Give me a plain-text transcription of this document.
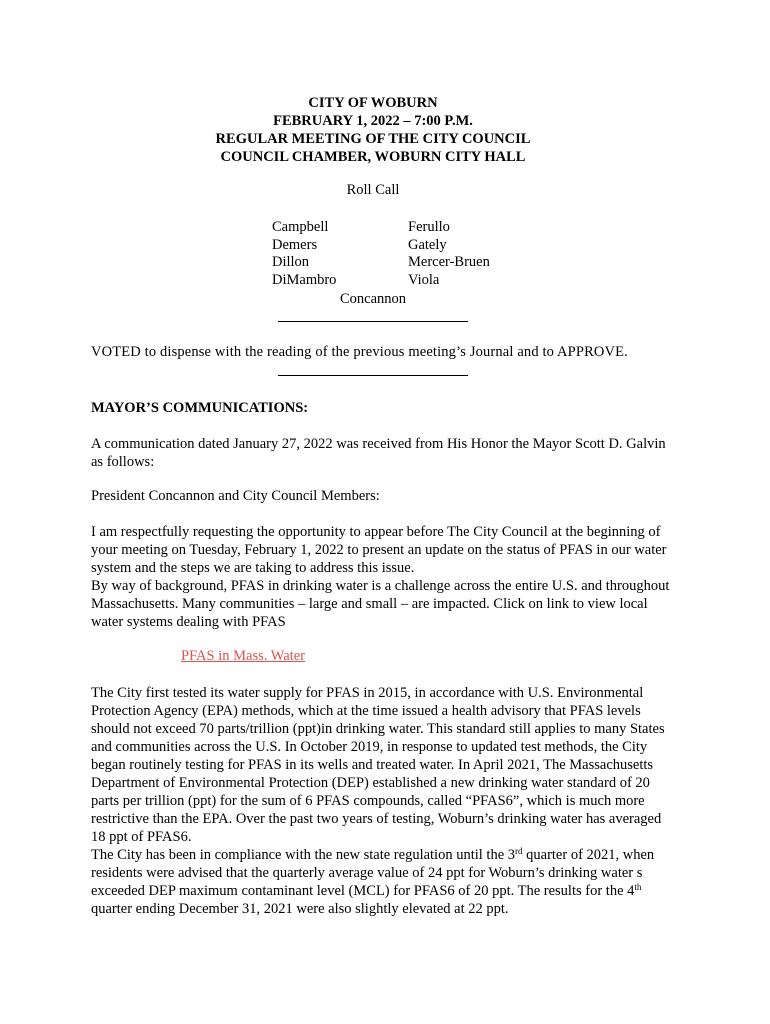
CITY OF WOBURN
FEBRUARY 1, 2022 – 7:00 P.M.
REGULAR MEETING OF THE CITY COUNCIL
COUNCIL CHAMBER, WOBURN CITY HALL
Roll Call
Campbell	Ferullo
Demers	Gately
Dillon	Mercer-Bruen
DiMambro	Viola
Concannon
VOTED to dispense with the reading of the previous meeting’s Journal and to APPROVE.
MAYOR’S COMMUNICATIONS:
A communication dated January 27, 2022 was received from His Honor the Mayor Scott D. Galvin as follows:
President Concannon and City Council Members:
I am respectfully requesting the opportunity to appear before The City Council at the beginning of your meeting on Tuesday, February 1, 2022 to present an update on the status of PFAS in our water system and the steps we are taking to address this issue.
By way of background, PFAS in drinking water is a challenge across the entire U.S. and throughout Massachusetts. Many communities – large and small – are impacted. Click on link to view local water systems dealing with PFAS
PFAS in Mass. Water
The City first tested its water supply for PFAS in 2015, in accordance with U.S. Environmental Protection Agency (EPA) methods, which at the time issued a health advisory that PFAS levels should not exceed 70 parts/trillion (ppt)in drinking water. This standard still applies to many States and communities across the U.S. In October 2019, in response to updated test methods, the City began routinely testing for PFAS in its wells and treated water. In April 2021, The Massachusetts Department of Environmental Protection (DEP) established a new drinking water standard of 20 parts per trillion (ppt) for the sum of 6 PFAS compounds, called “PFAS6”, which is much more restrictive than the EPA. Over the past two years of testing, Woburn’s drinking water has averaged 18 ppt of PFAS6.
The City has been in compliance with the new state regulation until the 3rd quarter of 2021, when residents were advised that the quarterly average value of 24 ppt for Woburn’s drinking water s exceeded DEP maximum contaminant level (MCL) for PFAS6 of 20 ppt. The results for the 4th quarter ending December 31, 2021 were also slightly elevated at 22 ppt.
